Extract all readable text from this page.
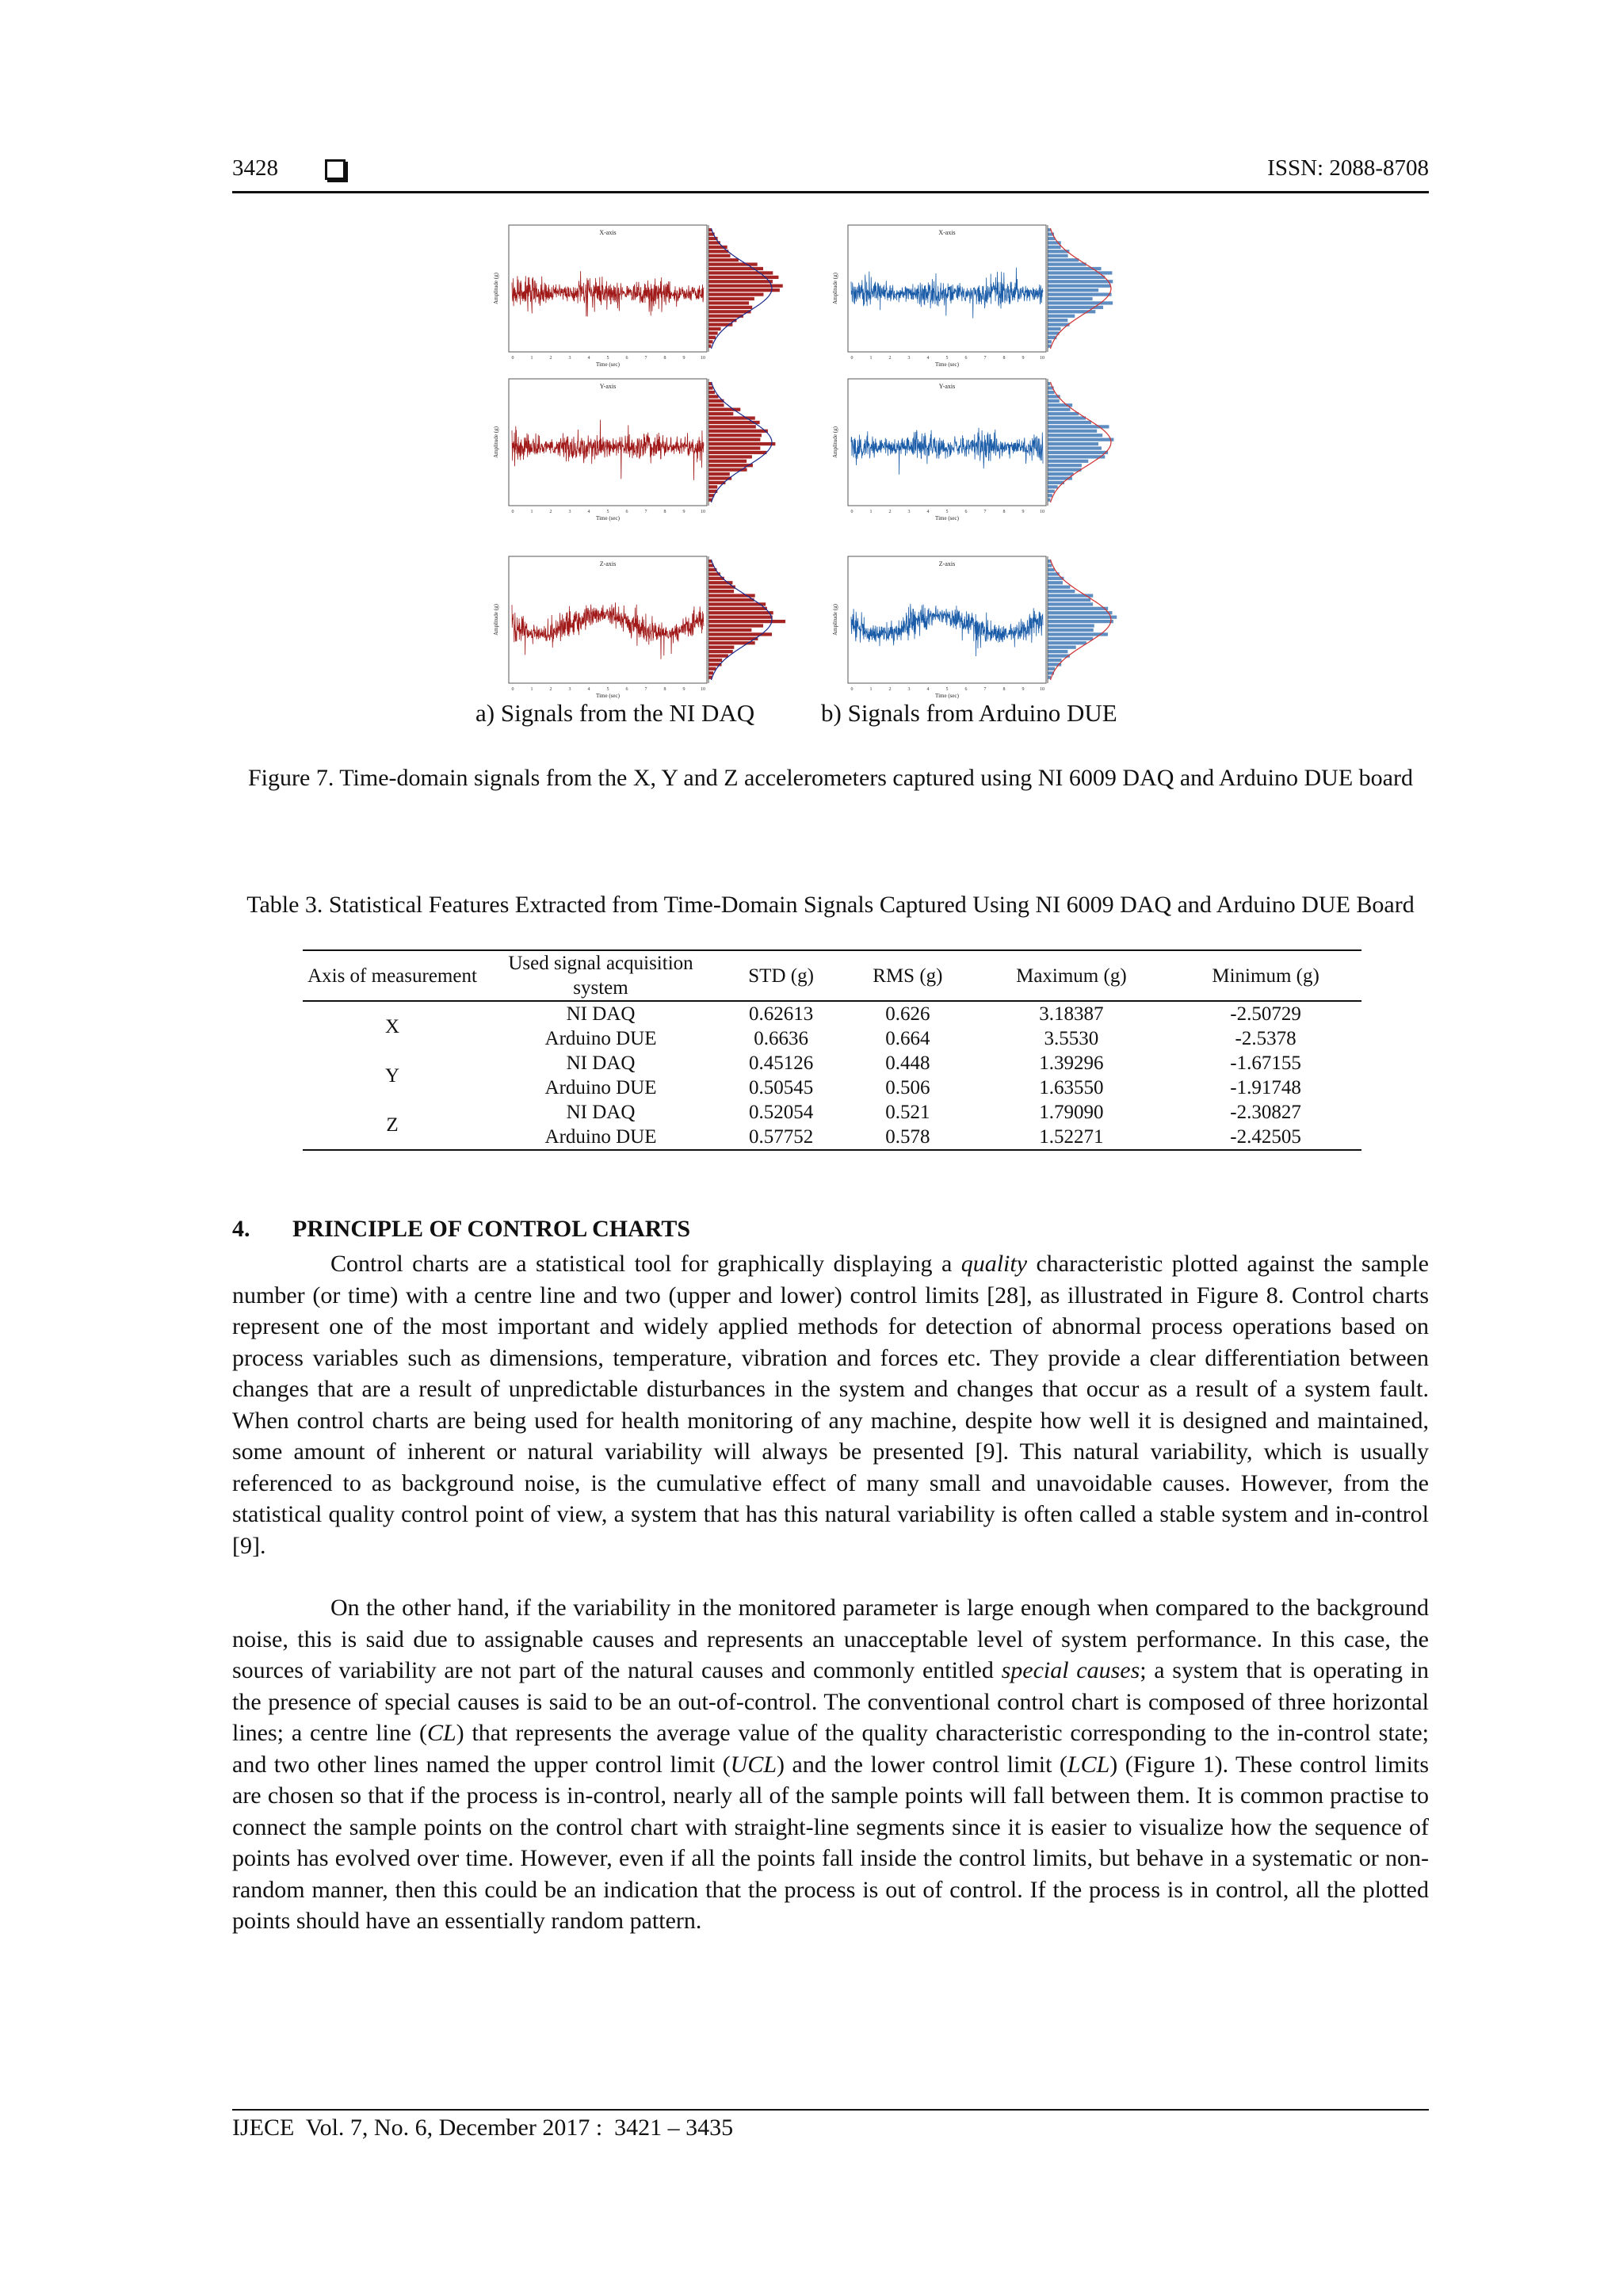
3428	ISSN: 2088-8708
X-axis
Amplitude (g)
0	1	2	3	4	5	6	7	8	9	10
Time (sec)
X-axis
Amplitude (g)
0	1	2	3	4	5	6	7	8	9	10
Time (sec)
Y-axis
Amplitude (g)
0	1	2	3	4	5	6	7	8	9	10
Time (sec)
Y-axis
Amplitude (g)
0	1	2	3	4	5	6	7	8	9	10
Time (sec)
Z-axis
Amplitude (g)
0	1	2	3	4	5	6	7	8	9	10
Time (sec)
Z-axis
Amplitude (g)
0	1	2	3	4	5	6	7	8	9	10
Time (sec)
a) Signals from the NI DAQ	b) Signals from Arduino DUE
Figure 7. Time-domain signals from the X, Y and Z accelerometers captured using NI 6009 DAQ and Arduino DUE board
Table 3. Statistical Features Extracted from Time-Domain Signals Captured Using NI 6009 DAQ and Arduino DUE Board
Axis of measurement	Used signal acquisition system	STD (g)	RMS (g)	Maximum (g)	Minimum (g)
X	NI DAQ	0.62613	0.626	3.18387	-2.50729
	Arduino DUE	0.6636	0.664	3.5530	-2.5378
Y	NI DAQ	0.45126	0.448	1.39296	-1.67155
	Arduino DUE	0.50545	0.506	1.63550	-1.91748
Z	NI DAQ	0.52054	0.521	1.79090	-2.30827
	Arduino DUE	0.57752	0.578	1.52271	-2.42505
4. PRINCIPLE OF CONTROL CHARTS

Control charts are a statistical tool for graphically displaying a quality characteristic plotted against the sample number (or time) with a centre line and two (upper and lower) control limits [28], as illustrated in Figure 8. Control charts represent one of the most important and widely applied methods for detection of abnormal process operations based on process variables such as dimensions, temperature, vibration and forces etc. They provide a clear differentiation between changes that are a result of unpredictable disturbances in the system and changes that occur as a result of a system fault. When control charts are being used for health monitoring of any machine, despite how well it is designed and maintained, some amount of inherent or natural variability will always be presented [9]. This natural variability, which is usually referenced to as background noise, is the cumulative effect of many small and unavoidable causes. However, from the statistical quality control point of view, a system that has this natural variability is often called a stable system and in-control [9].

On the other hand, if the variability in the monitored parameter is large enough when compared to the background noise, this is said due to assignable causes and represents an unacceptable level of system performance. In this case, the sources of variability are not part of the natural causes and commonly entitled special causes; a system that is operating in the presence of special causes is said to be an out-of-control. The conventional control chart is composed of three horizontal lines; a centre line (CL) that represents the average value of the quality characteristic corresponding to the in-control state; and two other lines named the upper control limit (UCL) and the lower control limit (LCL) (Figure 1). These control limits are chosen so that if the process is in-control, nearly all of the sample points will fall between them. It is common practise to connect the sample points on the control chart with straight-line segments since it is easier to visualize how the sequence of points has evolved over time. However, even if all the points fall inside the control limits, but behave in a systematic or non-random manner, then this could be an indication that the process is out of control. If the process is in control, all the plotted points should have an essentially random pattern.

IJECE  Vol. 7, No. 6, December 2017 :  3421 – 3435
